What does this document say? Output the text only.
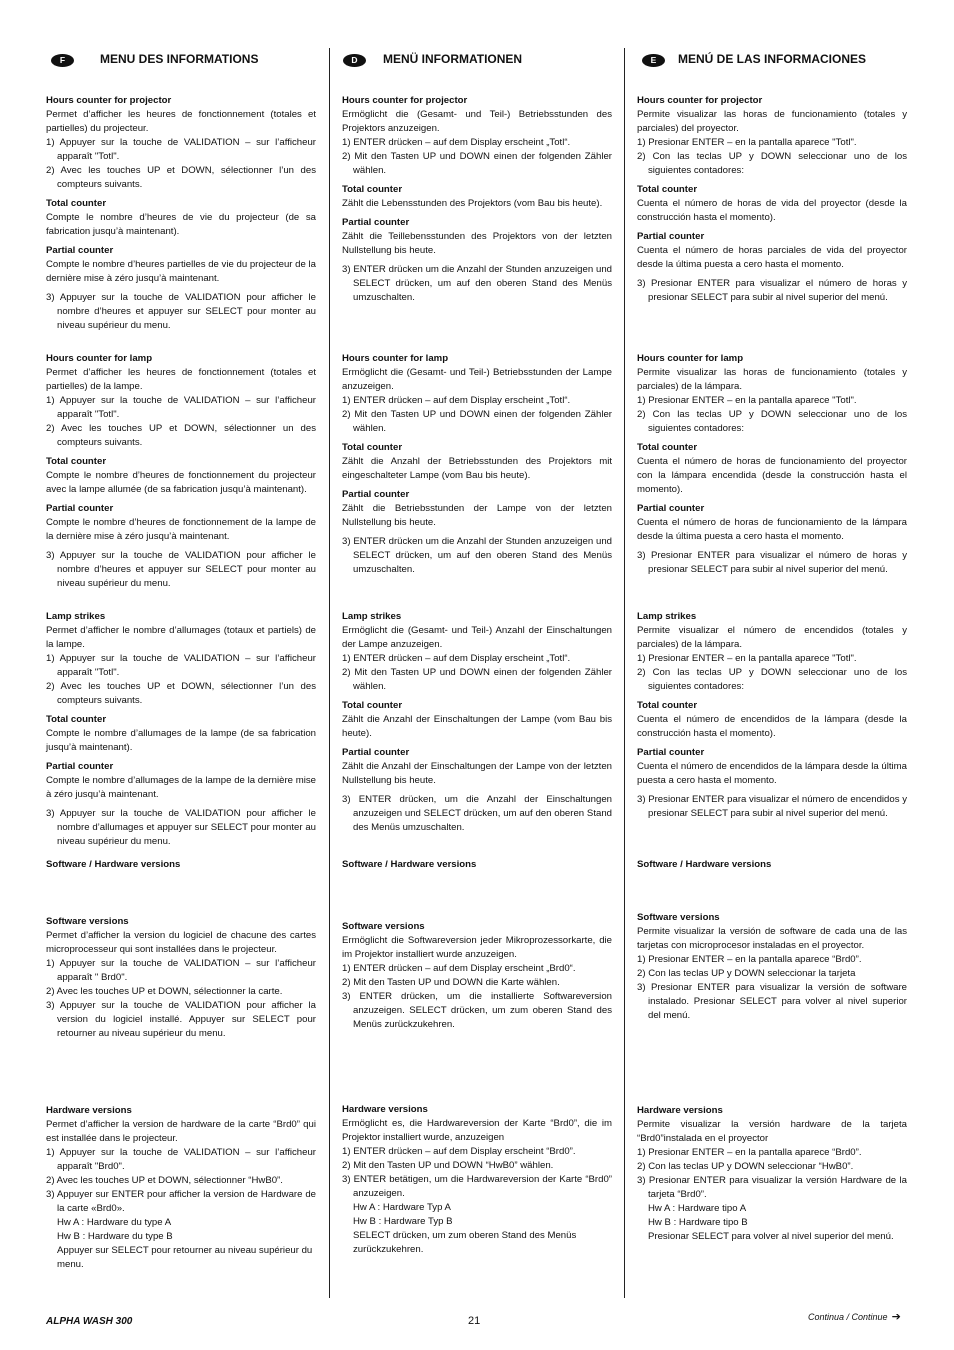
F	MENU DES INFORMATIONS

Hours counter for projector

Permet d’afficher les heures de fonctionnement (totales et partielles) du projecteur.

1) Appuyer sur la touche de VALIDATION – sur l’afficheur apparaît "Totl".
2) Avec les touches UP et DOWN, sélectionner l’un des compteurs suivants.

Total counter

Compte le nombre d’heures de vie du projecteur (de sa fabrication jusqu’à maintenant).

Partial counter

Compte le nombre d’heures partielles de vie du projecteur de la dernière mise à zéro jusqu’à maintenant.

3) Appuyer sur la touche de VALIDATION pour afficher le nombre d’heures et appuyer sur SELECT pour monter au niveau supérieur du menu.

Hours counter for lamp

Permet d’afficher les heures de fonctionnement (totales et partielles) de la lampe.

1) Appuyer sur la touche de VALIDATION – sur l’afficheur apparaît "Totl".
2) Avec les touches UP et DOWN, sélectionner un des compteurs suivants.

Total counter

Compte le nombre d’heures de fonctionnement du projecteur avec la lampe allumée (de sa fabrication jusqu’à maintenant).

Partial counter

Compte le nombre d’heures de fonctionnement de la lampe de la dernière mise à zéro jusqu’à maintenant.

3) Appuyer sur la touche de VALIDATION pour afficher le nombre d’heures et appuyer sur SELECT pour monter au niveau supérieur du menu.

Lamp strikes

Permet d’afficher le nombre d’allumages (totaux et partiels) de la lampe.

1) Appuyer sur la touche de VALIDATION – sur l’afficheur apparaît "Totl".
2) Avec les touches UP et DOWN, sélectionner l’un des compteurs suivants.

Total counter

Compte le nombre d’allumages de la lampe (de sa fabrication jusqu’à maintenant).

Partial counter

Compte le nombre d’allumages de la lampe de la dernière mise à zéro jusqu’à maintenant.

3) Appuyer sur la touche de VALIDATION pour afficher le nombre d’allumages et appuyer sur SELECT pour monter au niveau supérieur du menu.

Software / Hardware versions

Software versions

Permet d’afficher la version du logiciel de chacune des cartes microprocesseur qui sont installées dans le projecteur.

1) Appuyer sur la touche de VALIDATION – sur l’afficheur apparaît " Brd0".
2) Avec les touches UP et DOWN, sélectionner la carte.
3) Appuyer sur la touche de VALIDATION pour afficher la version du logiciel installé. Appuyer sur SELECT pour retourner au niveau supérieur du menu.

Hardware versions

Permet d’afficher la version de hardware de la carte “Brd0” qui est installée dans le projecteur.

1) Appuyer sur la touche de VALIDATION – sur l’afficheur apparaît "Brd0".
2) Avec les touches UP et DOWN, sélectionner “HwB0”.
3) Appuyer sur ENTER pour afficher la version de Hardware de la carte «Brd0».
Hw A : Hardware du type A
Hw B : Hardware du type B
Appuyer sur SELECT pour retourner au niveau supérieur du menu.
D	MENÜ INFORMATIONEN

Hours counter for projector

Ermöglicht die (Gesamt- und Teil-) Betriebsstunden des Projektors anzuzeigen.

1) ENTER drücken – auf dem Display erscheint „Totl“.
2) Mit den Tasten UP und DOWN einen der folgenden Zähler wählen.

Total counter

Zählt die Lebensstunden des Projektors (vom Bau bis heute).

Partial counter

Zählt die Teillebensstunden des Projektors von der letzten Nullstellung bis heute.

3) ENTER drücken um die Anzahl der Stunden anzuzeigen und SELECT drücken, um auf den oberen Stand des Menüs umzuschalten.

Hours counter for lamp

Ermöglicht die (Gesamt- und Teil-) Betriebsstunden der Lampe anzuzeigen.

1) ENTER drücken – auf dem Display erscheint „Totl“.
2) Mit den Tasten UP und DOWN einen der folgenden Zähler wählen.

Total counter

Zählt die Anzahl der Betriebsstunden des Projektors mit eingeschalteter Lampe (vom Bau bis heute).

Partial counter

Zählt die Betriebsstunden der Lampe von der letzten Nullstellung bis heute.

3) ENTER drücken um die Anzahl der Stunden anzuzeigen und SELECT drücken, um auf den oberen Stand des Menüs umzuschalten.

Lamp strikes

Ermöglicht die (Gesamt- und Teil-) Anzahl der Einschaltungen der Lampe anzuzeigen.

1) ENTER drücken – auf dem Display erscheint „Totl“.
2) Mit den Tasten UP und DOWN einen der folgenden Zähler wählen.

Total counter

Zählt die Anzahl der Einschaltungen der Lampe (vom Bau bis heute).

Partial counter

Zählt die Anzahl der Einschaltungen der Lampe von der letzten Nullstellung bis heute.

3) ENTER drücken, um die Anzahl der Einschaltungen anzuzeigen und SELECT drücken, um auf den oberen Stand des Menüs umzuschalten.

Software / Hardware versions

Software versions

Ermöglicht die Softwareversion jeder Mikroprozessorkarte, die im Projektor installiert wurde anzuzeigen.

1) ENTER drücken – auf dem Display erscheint „Brd0“.
2) Mit den Tasten UP und DOWN die Karte wählen.
3) ENTER drücken, um die installierte Softwareversion anzuzeigen. SELECT drücken, um zum oberen Stand des Menüs zurückzukehren.

Hardware versions

Ermöglicht es, die Hardwareversion der Karte “Brd0”, die im Projektor installiert wurde, anzuzeigen

1) ENTER drücken – auf dem Display erscheint “Brd0”.
2) Mit den Tasten UP und DOWN “HwB0” wählen.
3) ENTER betätigen, um die Hardwareversion der Karte “Brd0” anzuzeigen.
Hw A : Hardware Typ A
Hw B : Hardware Typ B
SELECT drücken, um zum oberen Stand des Menüs zurückzukehren.
E	MENÚ DE LAS INFORMACIONES

Hours counter for projector

Permite visualizar las horas de funcionamiento (totales y parciales) del proyector.

1) Presionar ENTER – en la pantalla aparece "Totl".
2) Con las teclas UP y DOWN seleccionar uno de los siguientes contadores:

Total counter

Cuenta el número de horas de vida del proyector (desde la construcción hasta el momento).

Partial counter

Cuenta el número de horas parciales de vida del proyector desde la última puesta a cero hasta el momento.

3) Presionar ENTER para visualizar el número de horas y presionar SELECT para subir al nivel superior del menú.

Hours counter for lamp

Permite visualizar las horas de funcionamiento (totales y parciales) de la lámpara.

1) Presionar ENTER – en la pantalla aparece "Totl".
2) Con las teclas UP y DOWN seleccionar uno de los siguientes contadores:

Total counter

Cuenta el número de horas de funcionamiento del proyector con la lámpara encendida (desde la construcción hasta el momento).

Partial counter

Cuenta el número de horas de funcionamiento de la lámpara desde la última puesta a cero hasta el momento.

3) Presionar ENTER para visualizar el número de horas y presionar SELECT para subir al nivel superior del menú.

Lamp strikes

Permite visualizar el número de encendidos (totales y parciales) de la lámpara.

1) Presionar ENTER – en la pantalla aparece "Totl".
2) Con las teclas UP y DOWN seleccionar uno de los siguientes contadores:

Total counter

Cuenta el número de encendidos de la lámpara (desde la construcción hasta el momento).

Partial counter

Cuenta el número de encendidos de la lámpara desde la última puesta a cero hasta el momento.

3) Presionar ENTER para visualizar el número de encendidos y presionar SELECT para subir al nivel superior del menú.

Software / Hardware versions

Software versions

Permite visualizar la versión de software de cada una de las tarjetas con microprocesor instaladas en el proyector.

1) Presionar ENTER – en la pantalla aparece “Brd0”.
2) Con las teclas UP y DOWN seleccionar la tarjeta
3) Presionar ENTER para visualizar la versión de software instalado. Presionar SELECT para volver al nivel superior del menú.

Hardware versions

Permite visualizar la versión hardware de la tarjeta “Brd0”instalada en el proyector

1) Presionar ENTER – en la pantalla aparece “Brd0”.
2) Con las teclas UP y DOWN seleccionar “HwB0”.
3) Presionar ENTER para visualizar la versión Hardware de la tarjeta “Brd0”.
Hw A : Hardware tipo A
Hw B : Hardware tipo B
Presionar SELECT para volver al nivel superior del menú.
ALPHA WASH 300	21	Continua / Continue ➔
